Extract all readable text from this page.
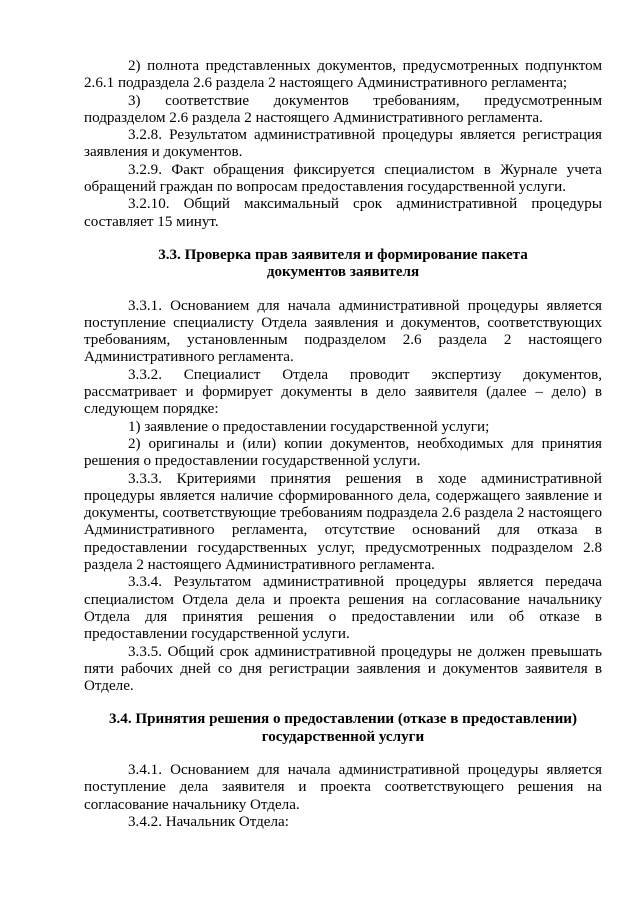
2) полнота представленных документов, предусмотренных подпунктом 2.6.1 подраздела 2.6 раздела 2 настоящего Административного регламента;

3) соответствие документов требованиям, предусмотренным подразделом 2.6 раздела 2 настоящего Административного регламента.

3.2.8. Результатом административной процедуры является регистрация заявления и документов.

3.2.9. Факт обращения фиксируется специалистом в Журнале учета обращений граждан по вопросам предоставления государственной услуги.

3.2.10. Общий максимальный срок административной процедуры составляет 15 минут.

3.3. Проверка прав заявителя и формирование пакета
документов заявителя

3.3.1. Основанием для начала административной процедуры является поступление специалисту Отдела заявления и документов, соответствующих требованиям, установленным подразделом 2.6 раздела 2 настоящего Административного регламента.

3.3.2. Специалист Отдела проводит экспертизу документов, рассматривает и формирует документы в дело заявителя (далее – дело) в следующем порядке:

1) заявление о предоставлении государственной услуги;

2) оригиналы и (или) копии документов, необходимых для принятия решения о предоставлении государственной услуги.

3.3.3. Критериями принятия решения в ходе административной процедуры является наличие сформированного дела, содержащего заявление и документы, соответствующие требованиям подраздела 2.6 раздела 2 настоящего Административного регламента, отсутствие оснований для отказа в предоставлении государственных услуг, предусмотренных подразделом 2.8 раздела 2 настоящего Административного регламента.

3.3.4. Результатом административной процедуры является передача специалистом Отдела дела и проекта решения на согласование начальнику Отдела для принятия решения о предоставлении или об отказе в предоставлении государственной услуги.

3.3.5. Общий срок административной процедуры не должен превышать пяти рабочих дней со дня регистрации заявления и документов заявителя в Отделе.

3.4. Принятия решения о предоставлении (отказе в предоставлении)
государственной услуги

3.4.1. Основанием для начала административной процедуры является поступление дела заявителя и проекта соответствующего решения на согласование начальнику Отдела.

3.4.2. Начальник Отдела:
